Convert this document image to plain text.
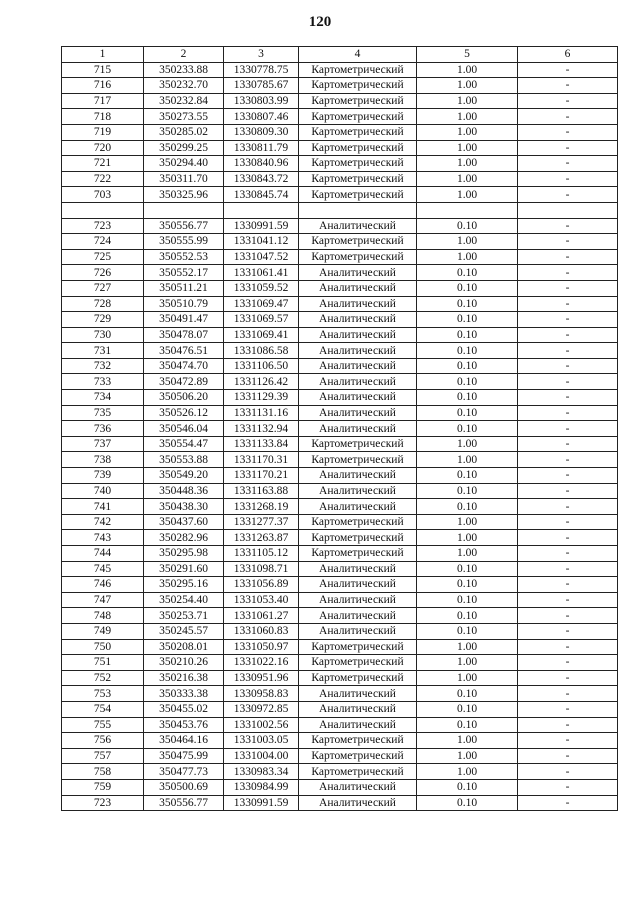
120
1	2	3	4	5	6
715	350233.88	1330778.75	Картометрический	1.00	-
716	350232.70	1330785.67	Картометрический	1.00	-
717	350232.84	1330803.99	Картометрический	1.00	-
718	350273.55	1330807.46	Картометрический	1.00	-
719	350285.02	1330809.30	Картометрический	1.00	-
720	350299.25	1330811.79	Картометрический	1.00	-
721	350294.40	1330840.96	Картометрический	1.00	-
722	350311.70	1330843.72	Картометрический	1.00	-
703	350325.96	1330845.74	Картометрический	1.00	-

723	350556.77	1330991.59	Аналитический	0.10	-
724	350555.99	1331041.12	Картометрический	1.00	-
725	350552.53	1331047.52	Картометрический	1.00	-
726	350552.17	1331061.41	Аналитический	0.10	-
727	350511.21	1331059.52	Аналитический	0.10	-
728	350510.79	1331069.47	Аналитический	0.10	-
729	350491.47	1331069.57	Аналитический	0.10	-
730	350478.07	1331069.41	Аналитический	0.10	-
731	350476.51	1331086.58	Аналитический	0.10	-
732	350474.70	1331106.50	Аналитический	0.10	-
733	350472.89	1331126.42	Аналитический	0.10	-
734	350506.20	1331129.39	Аналитический	0.10	-
735	350526.12	1331131.16	Аналитический	0.10	-
736	350546.04	1331132.94	Аналитический	0.10	-
737	350554.47	1331133.84	Картометрический	1.00	-
738	350553.88	1331170.31	Картометрический	1.00	-
739	350549.20	1331170.21	Аналитический	0.10	-
740	350448.36	1331163.88	Аналитический	0.10	-
741	350438.30	1331268.19	Аналитический	0.10	-
742	350437.60	1331277.37	Картометрический	1.00	-
743	350282.96	1331263.87	Картометрический	1.00	-
744	350295.98	1331105.12	Картометрический	1.00	-
745	350291.60	1331098.71	Аналитический	0.10	-
746	350295.16	1331056.89	Аналитический	0.10	-
747	350254.40	1331053.40	Аналитический	0.10	-
748	350253.71	1331061.27	Аналитический	0.10	-
749	350245.57	1331060.83	Аналитический	0.10	-
750	350208.01	1331050.97	Картометрический	1.00	-
751	350210.26	1331022.16	Картометрический	1.00	-
752	350216.38	1330951.96	Картометрический	1.00	-
753	350333.38	1330958.83	Аналитический	0.10	-
754	350455.02	1330972.85	Аналитический	0.10	-
755	350453.76	1331002.56	Аналитический	0.10	-
756	350464.16	1331003.05	Картометрический	1.00	-
757	350475.99	1331004.00	Картометрический	1.00	-
758	350477.73	1330983.34	Картометрический	1.00	-
759	350500.69	1330984.99	Аналитический	0.10	-
723	350556.77	1330991.59	Аналитический	0.10	-
